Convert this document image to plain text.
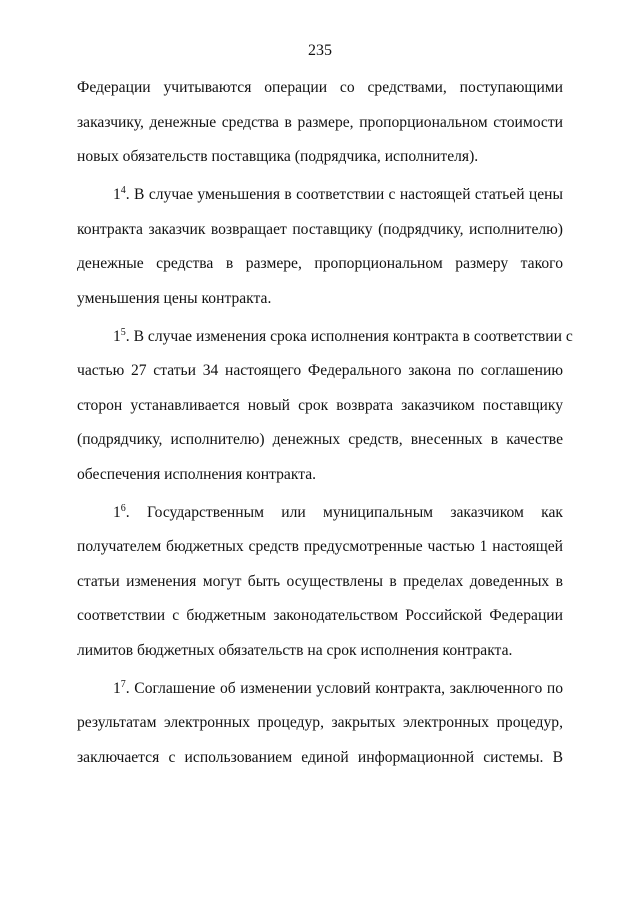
235
Федерации учитываются операции со средствами, поступающими
заказчику, денежные средства в размере, пропорциональном стоимости
новых обязательств поставщика (подрядчика, исполнителя).
$1^4$. В случае уменьшения в соответствии с настоящей статьей цены
контракта заказчик возвращает поставщику (подрядчику, исполнителю)
денежные средства в размере, пропорциональном размеру такого
уменьшения цены контракта.
$1^5$. В случае изменения срока исполнения контракта в соответствии с
частью 27 статьи 34 настоящего Федерального закона по соглашению
сторон устанавливается новый срок возврата заказчиком поставщику
(подрядчику, исполнителю) денежных средств, внесенных в качестве
обеспечения исполнения контракта.
$1^6$. Государственным или муниципальным заказчиком как
получателем бюджетных средств предусмотренные частью 1 настоящей
статьи изменения могут быть осуществлены в пределах доведенных в
соответствии с бюджетным законодательством Российской Федерации
лимитов бюджетных обязательств на срок исполнения контракта.
$1^7$. Соглашение об изменении условий контракта, заключенного по
результатам электронных процедур, закрытых электронных процедур,
заключается с использованием единой информационной системы. В
